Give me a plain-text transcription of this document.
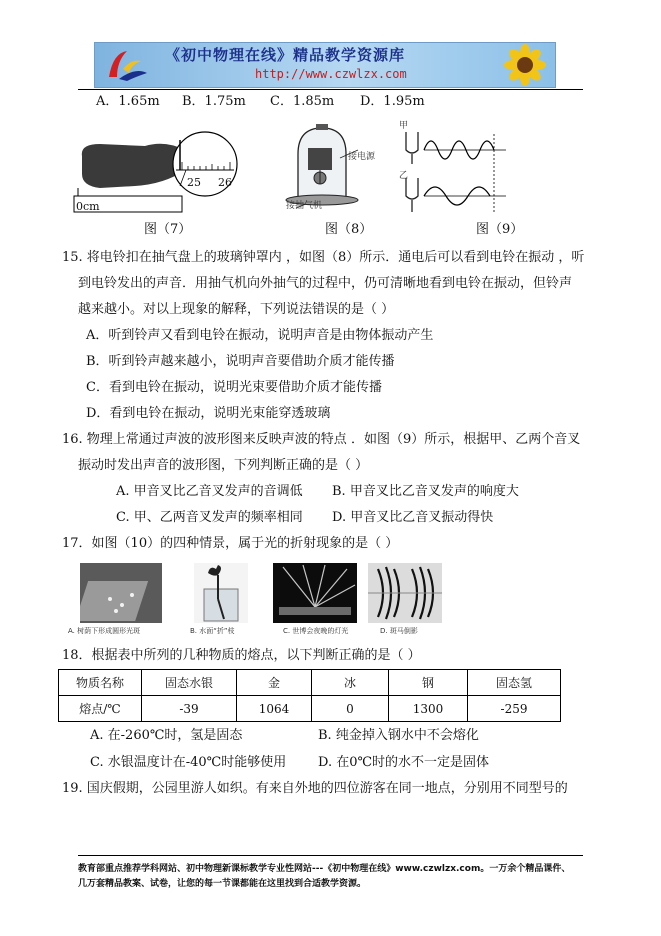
《初中物理在线》精品教学资源库
http://www.czwlzx.com
A．1.65m B．1.75m C．1.85m D．1.95m
0cm
25 26
接电源
接抽气机
甲
乙
图（7）	图（8）	图（9）
15. 将电铃扣在抽气盘上的玻璃钟罩内 ，如图（8）所示．通电后可以看到电铃在振动 ，听
到电铃发出的声音．用抽气机向外抽气的过程中，仍可清晰地看到电铃在振动，但铃声
越来越小。对以上现象的解释，下列说法错误的是（ ）
A．听到铃声又看到电铃在振动，说明声音是由物体振动产生
B．听到铃声越来越小，说明声音要借助介质才能传播
C．看到电铃在振动，说明光束要借助介质才能传播
D．看到电铃在振动，说明光束能穿透玻璃
16. 物理上常通过声波的波形图来反映声波的特点 ．如图（9）所示，根据甲、乙两个音叉
振动时发出声音的波形图，下列判断正确的是（ ）
A. 甲音叉比乙音叉发声的音调低 B. 甲音叉比乙音叉发声的响度大
C. 甲、乙两音叉发声的频率相同 D. 甲音叉比乙音叉振动得快
17．如图（10）的四种情景，属于光的折射现象的是（ ）
A. 树荫下形成圆形光斑	B. 水面“折”枝	C. 世博会夜晚的灯光	D. 斑马倒影
18．根据表中所列的几种物质的熔点，以下判断正确的是（ ）
物质名称	固态水银	金	冰	钢	固态氢
熔点/℃	-39	1064	0	1300	-259
A. 在-260℃时，氢是固态	B. 纯金掉入钢水中不会熔化
C. 水银温度计在-40℃时能够使用 D. 在0℃时的水不一定是固体
19. 国庆假期，公园里游人如织。有来自外地的四位游客在同一地点，分别用不同型号的
教育部重点推荐学科网站、初中物理新课标教学专业性网站---《初中物理在线》www.czwlzx.com。一万余个精品课件、
几万套精品教案、试卷，让您的每一节课都能在这里找到合适教学资源。
